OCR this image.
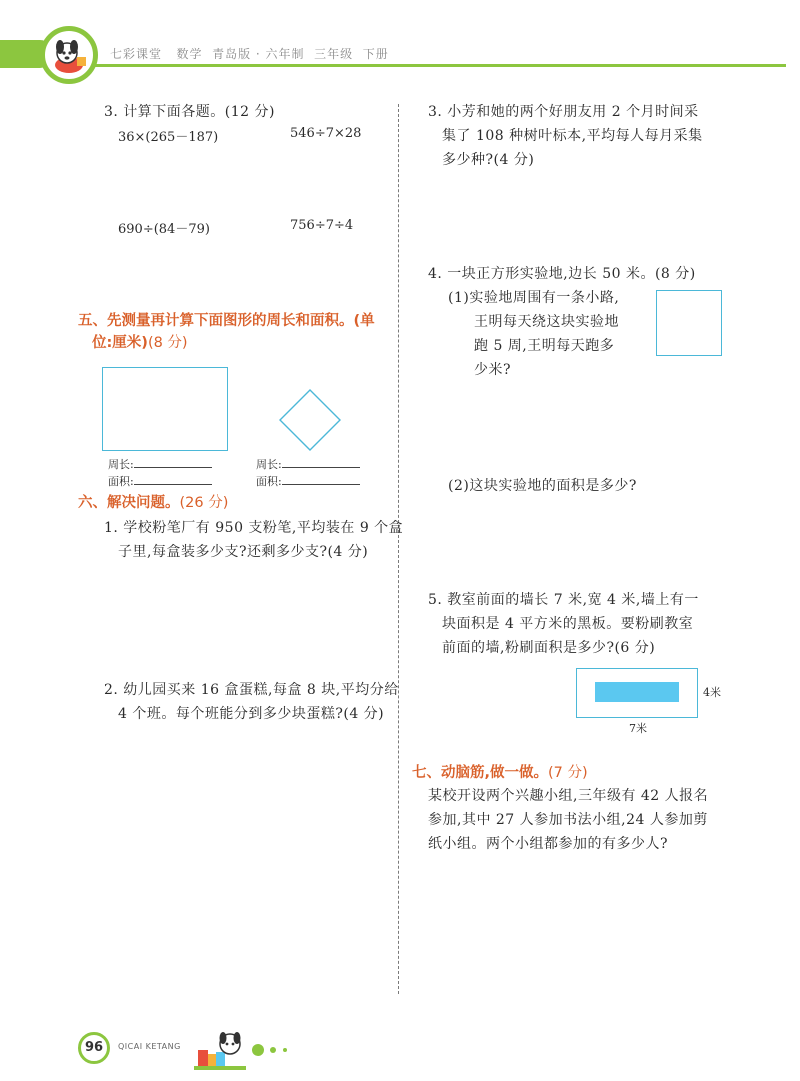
七彩课堂   数学  青岛版 · 六年制  三年级  下册
3. 计算下面各题。(12 分)
36×(265－187)	546÷7×28
690÷(84－79)	756÷7÷4
五、先测量再计算下面图形的周长和面积。(单
位:厘米)(8 分)
周长:
面积:
周长:
面积:
六、解决问题。(26 分)
1. 学校粉笔厂有 950 支粉笔,平均装在 9 个盒
子里,每盒装多少支?还剩多少支?(4 分)
2. 幼儿园买来 16 盒蛋糕,每盒 8 块,平均分给
4 个班。每个班能分到多少块蛋糕?(4 分)
3. 小芳和她的两个好朋友用 2 个月时间采
集了 108 种树叶标本,平均每人每月采集
多少种?(4 分)
4. 一块正方形实验地,边长 50 米。(8 分)
(1)实验地周围有一条小路,
王明每天绕这块实验地
跑 5 周,王明每天跑多
少米?
(2)这块实验地的面积是多少?
5. 教室前面的墙长 7 米,宽 4 米,墙上有一
块面积是 4 平方米的黑板。要粉刷教室
前面的墙,粉刷面积是多少?(6 分)
4米
7米
七、动脑筋,做一做。(7 分)
某校开设两个兴趣小组,三年级有 42 人报名
参加,其中 27 人参加书法小组,24 人参加剪
纸小组。两个小组都参加的有多少人?
96	QICAI KETANG
